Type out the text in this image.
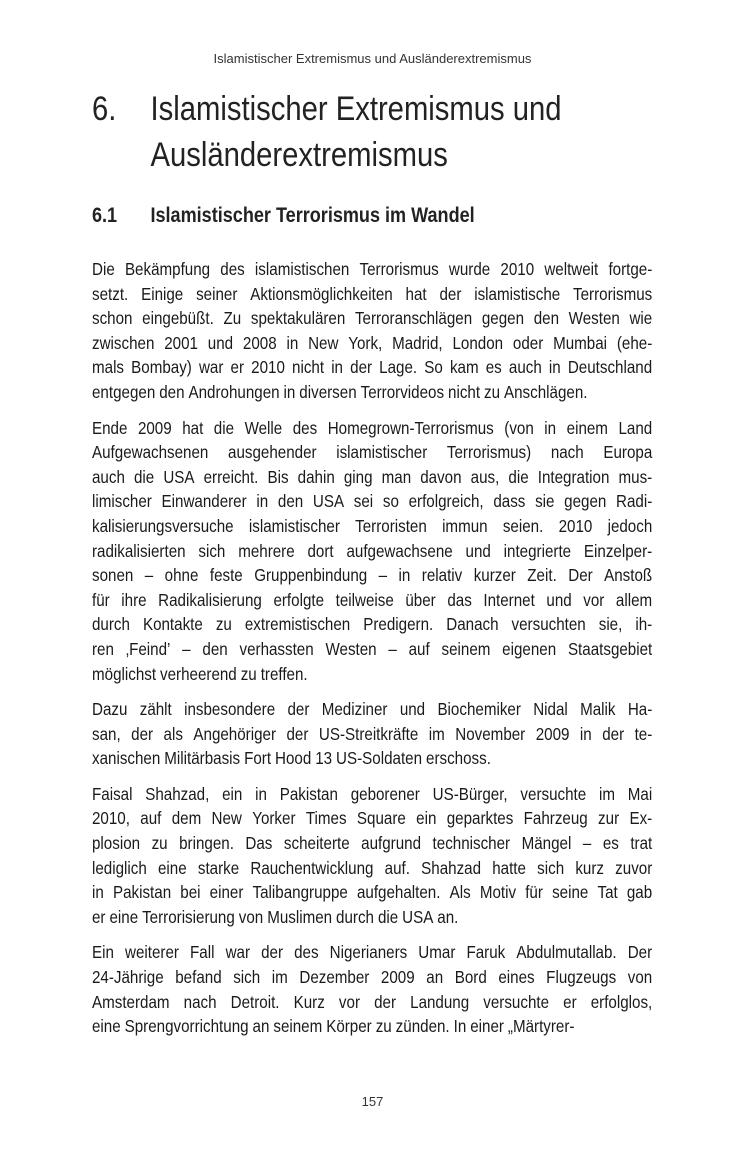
Islamistischer Extremismus und Ausländerextremismus
6.	Islamistischer Extremismus und
Ausländerextremismus
6.1	Islamistischer Terrorismus im Wandel
Die Bekämpfung des islamistischen Terrorismus wurde 2010 weltweit fortge-
setzt. Einige seiner Aktionsmöglichkeiten hat der islamistische Terrorismus
schon eingebüßt. Zu spektakulären Terroranschlägen gegen den Westen wie
zwischen 2001 und 2008 in New York, Madrid, London oder Mumbai (ehe-
mals Bombay) war er 2010 nicht in der Lage. So kam es auch in Deutschland
entgegen den Androhungen in diversen Terrorvideos nicht zu Anschlägen.
Ende 2009 hat die Welle des Homegrown-Terrorismus (von in einem Land
Aufgewachsenen ausgehender islamistischer Terrorismus) nach Europa
auch die USA erreicht. Bis dahin ging man davon aus, die Integration mus-
limischer Einwanderer in den USA sei so erfolgreich, dass sie gegen Radi-
kalisierungsversuche islamistischer Terroristen immun seien. 2010 jedoch
radikalisierten sich mehrere dort aufgewachsene und integrierte Einzelper-
sonen – ohne feste Gruppenbindung – in relativ kurzer Zeit. Der Anstoß
für ihre Radikalisierung erfolgte teilweise über das Internet und vor allem
durch Kontakte zu extremistischen Predigern. Danach versuchten sie, ih-
ren ‚Feind’ – den verhassten Westen – auf seinem eigenen Staatsgebiet
möglichst verheerend zu treffen.
Dazu zählt insbesondere der Mediziner und Biochemiker Nidal Malik Ha-
san, der als Angehöriger der US-Streitkräfte im November 2009 in der te-
xanischen Militärbasis Fort Hood 13 US-Soldaten erschoss.
Faisal Shahzad, ein in Pakistan geborener US-Bürger, versuchte im Mai
2010, auf dem New Yorker Times Square ein geparktes Fahrzeug zur Ex-
plosion zu bringen. Das scheiterte aufgrund technischer Mängel – es trat
lediglich eine starke Rauchentwicklung auf. Shahzad hatte sich kurz zuvor
in Pakistan bei einer Talibangruppe aufgehalten. Als Motiv für seine Tat gab
er eine Terrorisierung von Muslimen durch die USA an.
Ein weiterer Fall war der des Nigerianers Umar Faruk Abdulmutallab. Der
24-Jährige befand sich im Dezember 2009 an Bord eines Flugzeugs von
Amsterdam nach Detroit. Kurz vor der Landung versuchte er erfolglos,
eine Sprengvorrichtung an seinem Körper zu zünden. In einer „Märtyrer-
157
